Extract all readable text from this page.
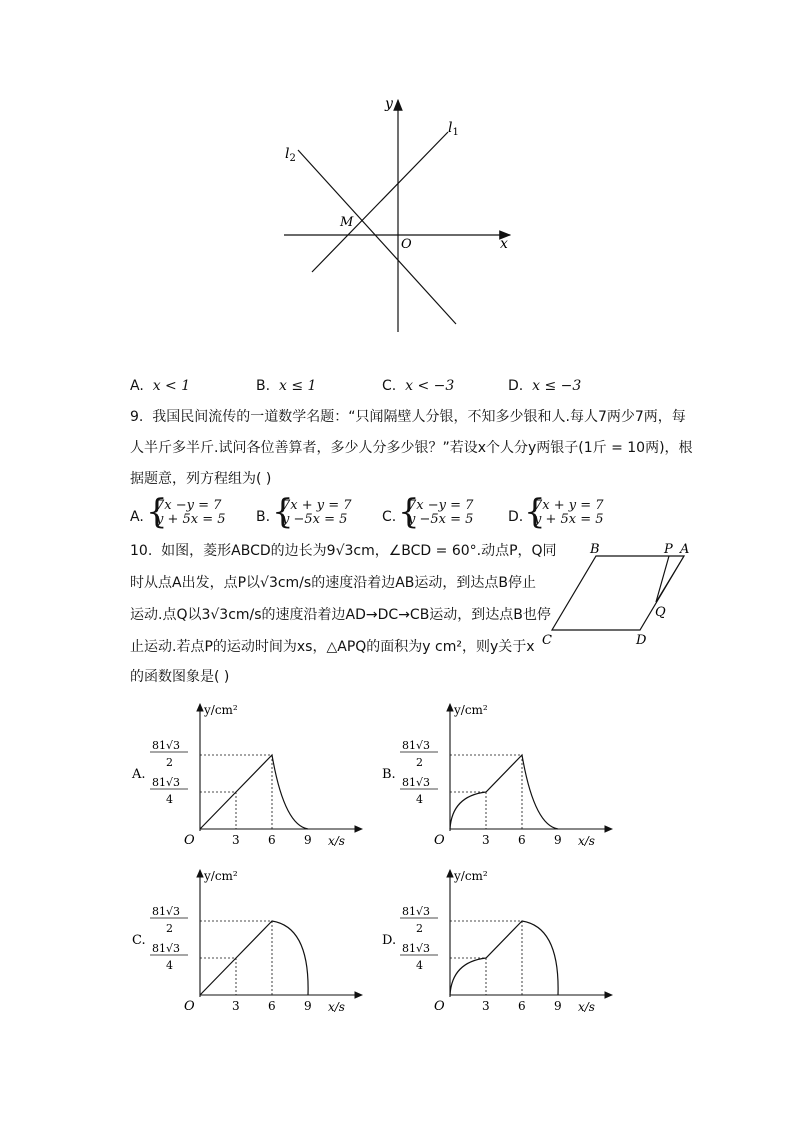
y
x
$l_1$
$l_2$
M
O
A. x < 1	B. x ≤ 1	C. x < −3	D. x ≤ −3
9. 我国民间流传的一道数学名题：“只闻隔壁人分银，不知多少银和人.每人7两少7两，每
人半斤多半斤.试问各位善算者，多少人分多少银？”若设x个人分y两银子(1斤 = 10两)，根
据题意，列方程组为( )
A. {
7x −y = 7
y + 5x = 5 B. {
7x + y = 7
y −5x = 5 C. {
7x −y = 7
y −5x = 5 D. {
7x + y = 7
y + 5x = 5
10. 如图，菱形ABCD的边长为9√3cm，∠BCD = 60°.动点P，Q同
时从点A出发，点P以√3cm/s的速度沿着边AB运动，到达点B停止
运动.点Q以3√3cm/s的速度沿着边AD→DC→CB运动，到达点B也停
止运动.若点P的运动时间为xs，△APQ的面积为y cm²，则y关于x
的函数图象是( )
B	P A
Q
C	D
A.
y/cm²
x/s
O	3 6 9
81√3
2
81√3
4
B.
y/cm²
x/s
O	3 6 9
81√3
2
81√3
4
C.
y/cm²
x/s
O	3 6 9
81√3
2
81√3
4
D.
y/cm²
x/s
O	3 6 9
81√3
2
81√3
4
